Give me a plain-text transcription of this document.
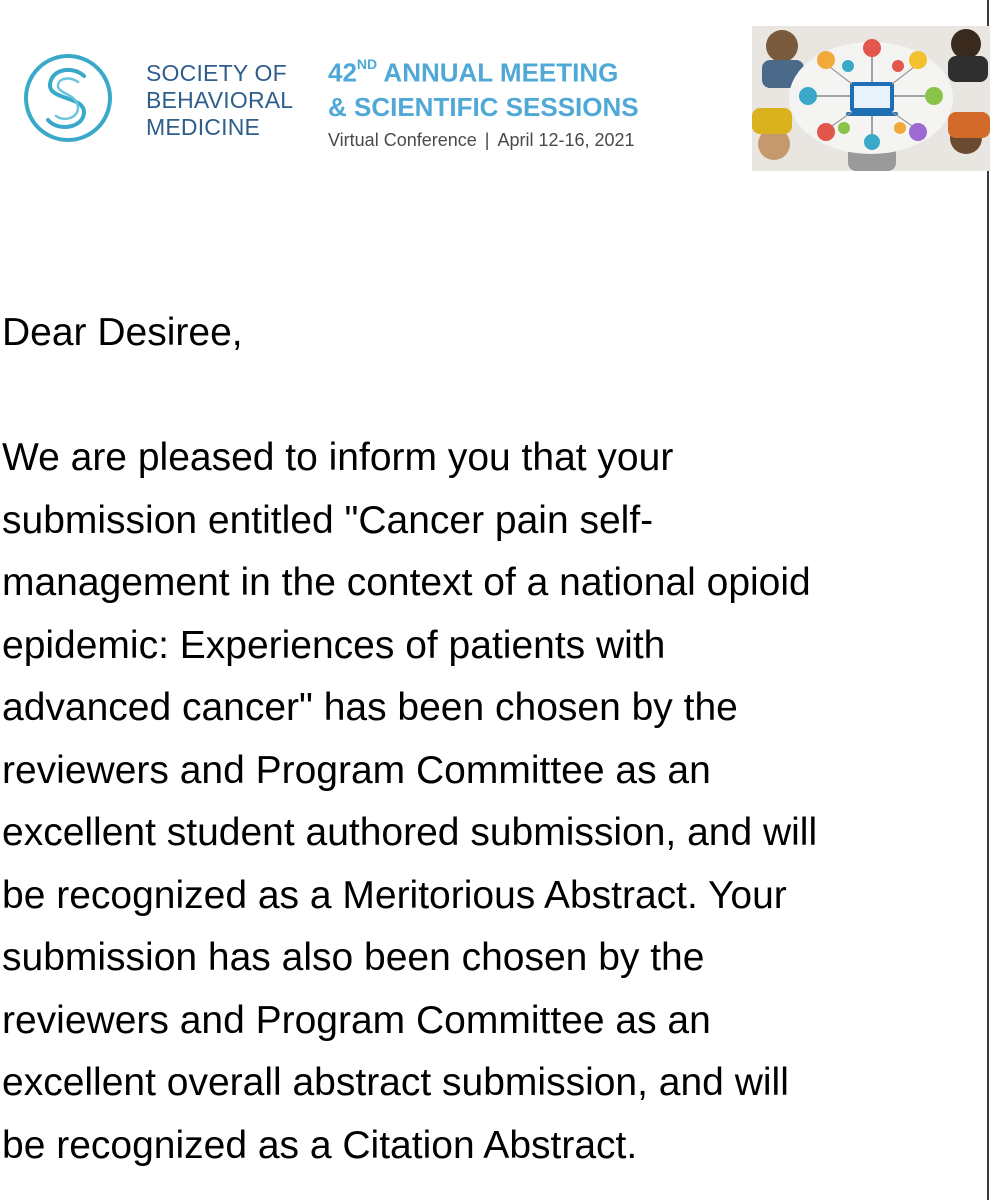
SOCIETY OF
BEHAVIORAL
MEDICINE
42ND ANNUAL MEETING
& SCIENTIFIC SESSIONS
Virtual Conference | April 12-16, 2021

Dear Desiree,

We are pleased to inform you that your
submission entitled "Cancer pain self-
management in the context of a national opioid
epidemic: Experiences of patients with
advanced cancer" has been chosen by the
reviewers and Program Committee as an
excellent student authored submission, and will
be recognized as a Meritorious Abstract. Your
submission has also been chosen by the
reviewers and Program Committee as an
excellent overall abstract submission, and will
be recognized as a Citation Abstract.
